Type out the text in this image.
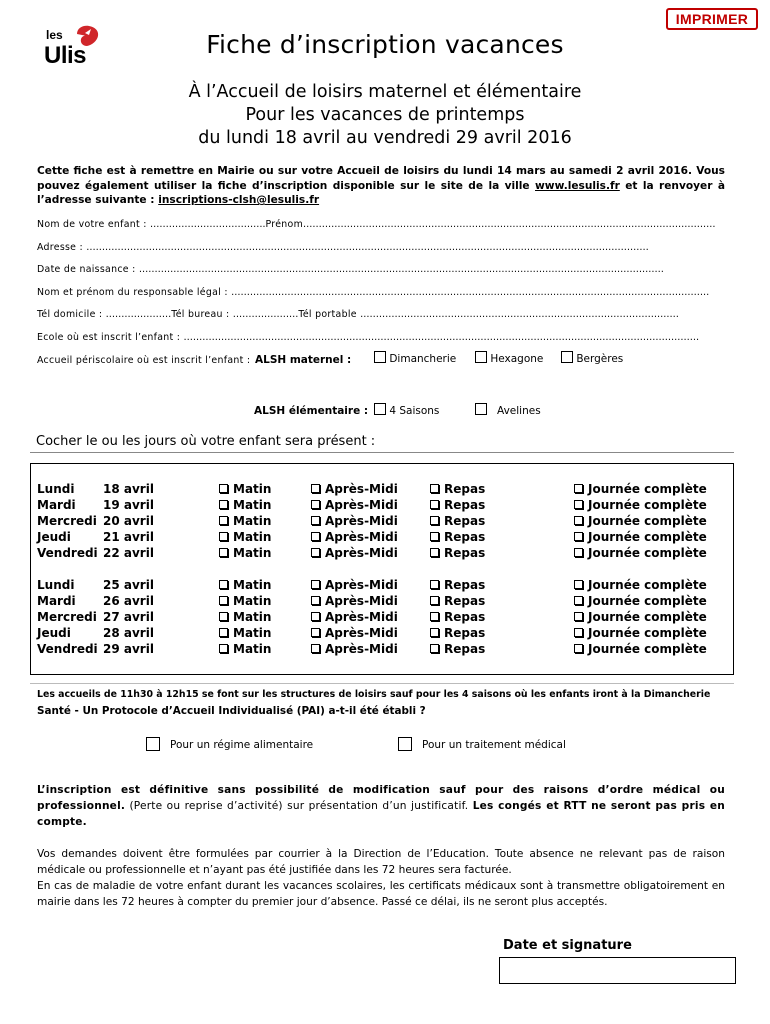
IMPRIMER
les
Ulis	Fiche d’inscription vacances
À l’Accueil de loisirs maternel et élémentaire
Pour les vacances de printemps
du lundi 18 avril au vendredi 29 avril 2016
Cette fiche est à remettre en Mairie ou sur votre Accueil de loisirs du lundi 14 mars au samedi 2 avril 2016. Vous pouvez également utiliser la fiche d’inscription disponible sur le site de la ville www.lesulis.fr et la renvoyer à l’adresse suivante : inscriptions-clsh@lesulis.fr
Nom de votre enfant : ……………………………….Prénom……………………………………………………………………………………………………………………
Adresse : ………………………………………………………………………………………………………………………………………………………………
Date de naissance : ……………………………………………………………………………………………………………………………………………………
Nom et prénom du responsable légal : ………………………………………………………………………………………………………………………………………
Tél domicile : …………………Tél bureau : …………………Tél portable …………………………………………………………………………………………
Ecole où est inscrit l’enfant : …………………………………………………………………………………………………………………………………………………
Accueil périscolaire où est inscrit l’enfant : ALSH maternel :	Dimancherie	Hexagone	Bergères
ALSH élémentaire :	4 Saisons	Avelines
Cocher le ou les jours où votre enfant sera présent :
Lundi 18 avril	Matin	Après-Midi	Repas	Journée complète
Mardi 19 avril	Matin	Après-Midi	Repas	Journée complète
Mercredi 20 avril	Matin	Après-Midi	Repas	Journée complète
Jeudi	21 avril	Matin	Après-Midi	Repas	Journée complète
Vendredi 22 avril	Matin	Après-Midi	Repas	Journée complète
Lundi 25 avril	Matin	Après-Midi	Repas	Journée complète
Mardi 26 avril	Matin	Après-Midi	Repas	Journée complète
Mercredi 27 avril	Matin	Après-Midi	Repas	Journée complète
Jeudi	28 avril	Matin	Après-Midi	Repas	Journée complète
Vendredi 29 avril	Matin	Après-Midi	Repas	Journée complète
Les accueils de 11h30 à 12h15 se font sur les structures de loisirs sauf pour les 4 saisons où les enfants iront à la Dimancherie
Santé - Un Protocole d’Accueil Individualisé (PAI) a-t-il été établi ?
Pour un régime alimentaire	Pour un traitement médical
L’inscription est définitive sans possibilité de modification sauf pour des raisons d’ordre médical ou professionnel. (Perte ou reprise d’activité) sur présentation d’un justificatif. Les congés et RTT ne seront pas pris en compte.
Vos demandes doivent être formulées par courrier à la Direction de l’Education. Toute absence ne relevant pas de raison médicale ou professionnelle et n’ayant pas été justifiée dans les 72 heures sera facturée.
En cas de maladie de votre enfant durant les vacances scolaires, les certificats médicaux sont à transmettre obligatoirement en mairie dans les 72 heures à compter du premier jour d’absence. Passé ce délai, ils ne seront plus acceptés.
Date et signature
